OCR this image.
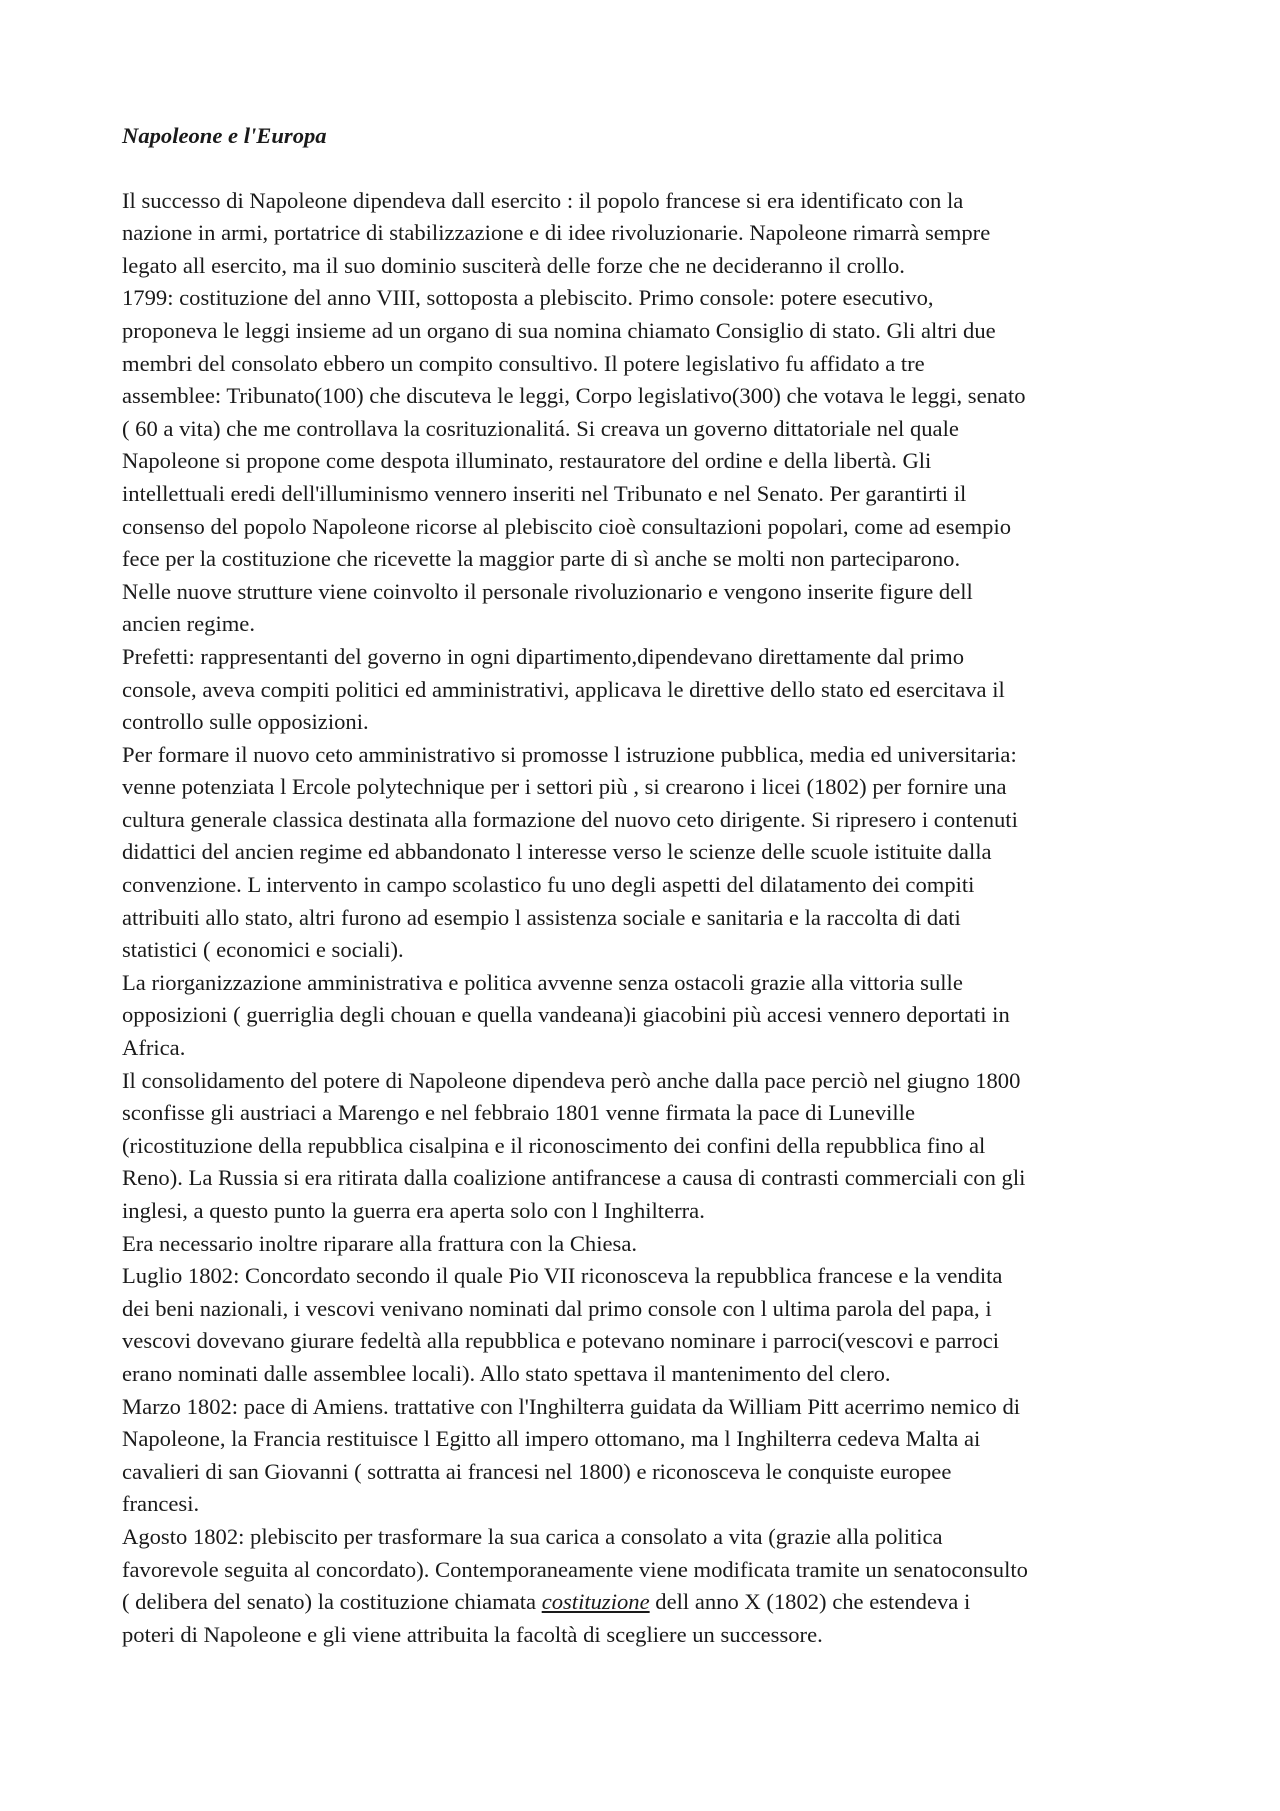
Napoleone e l'Europa
Il successo di Napoleone dipendeva dall esercito : il popolo francese si era identificato con la
nazione in armi, portatrice di stabilizzazione e di idee rivoluzionarie. Napoleone rimarrà sempre
legato all esercito, ma il suo dominio susciterà delle forze che ne decideranno il crollo.
1799: costituzione del anno VIII, sottoposta a plebiscito. Primo console: potere esecutivo,
proponeva le leggi insieme ad un organo di sua nomina chiamato Consiglio di stato. Gli altri due
membri del consolato ebbero un compito consultivo. Il potere legislativo fu affidato a tre
assemblee: Tribunato(100) che discuteva le leggi, Corpo legislativo(300) che votava le leggi, senato
( 60 a vita) che me controllava la cosrituzionalitá. Si creava un governo dittatoriale nel quale
Napoleone si propone come despota illuminato, restauratore del ordine e della libertà. Gli
intellettuali eredi dell'illuminismo vennero inseriti nel Tribunato e nel Senato. Per garantirti il
consenso del popolo Napoleone ricorse al plebiscito cioè consultazioni popolari, come ad esempio
fece per la costituzione che ricevette la maggior parte di sì anche se molti non parteciparono.
Nelle nuove strutture viene coinvolto il personale rivoluzionario e vengono inserite figure dell
ancien regime.
Prefetti: rappresentanti del governo in ogni dipartimento,dipendevano direttamente dal primo
console, aveva compiti politici ed amministrativi, applicava le direttive dello stato ed esercitava il
controllo sulle opposizioni.
Per formare il nuovo ceto amministrativo si promosse l istruzione pubblica, media ed universitaria:
venne potenziata l Ercole polytechnique per i settori più , si crearono i licei (1802) per fornire una
cultura generale classica destinata alla formazione del nuovo ceto dirigente. Si ripresero i contenuti
didattici del ancien regime ed abbandonato l interesse verso le scienze delle scuole istituite dalla
convenzione. L intervento in campo scolastico fu uno degli aspetti del dilatamento dei compiti
attribuiti allo stato, altri furono ad esempio l assistenza sociale e sanitaria e la raccolta di dati
statistici ( economici e sociali).
La riorganizzazione amministrativa e politica avvenne senza ostacoli grazie alla vittoria sulle
opposizioni ( guerriglia degli chouan e quella vandeana)i giacobini più accesi vennero deportati in
Africa.
Il consolidamento del potere di Napoleone dipendeva però anche dalla pace perciò nel giugno 1800
sconfisse gli austriaci a Marengo e nel febbraio 1801 venne firmata la pace di Luneville
(ricostituzione della repubblica cisalpina e il riconoscimento dei confini della repubblica fino al
Reno). La Russia si era ritirata dalla coalizione antifrancese a causa di contrasti commerciali con gli
inglesi, a questo punto la guerra era aperta solo con l Inghilterra.
Era necessario inoltre riparare alla frattura con la Chiesa.
Luglio 1802: Concordato secondo il quale Pio VII riconosceva la repubblica francese e la vendita
dei beni nazionali, i vescovi venivano nominati dal primo console con l ultima parola del papa, i
vescovi dovevano giurare fedeltà alla repubblica e potevano nominare i parroci(vescovi e parroci
erano nominati dalle assemblee locali). Allo stato spettava il mantenimento del clero.
Marzo 1802: pace di Amiens. trattative con l'Inghilterra guidata da William Pitt acerrimo nemico di
Napoleone, la Francia restituisce l Egitto all impero ottomano, ma l Inghilterra cedeva Malta ai
cavalieri di san Giovanni ( sottratta ai francesi nel 1800) e riconosceva le conquiste europee
francesi.
Agosto 1802: plebiscito per trasformare la sua carica a consolato a vita (grazie alla politica
favorevole seguita al concordato). Contemporaneamente viene modificata tramite un senatoconsulto
( delibera del senato) la costituzione chiamata costituzione dell anno X (1802) che estendeva i
poteri di Napoleone e gli viene attribuita la facoltà di scegliere un successore.
